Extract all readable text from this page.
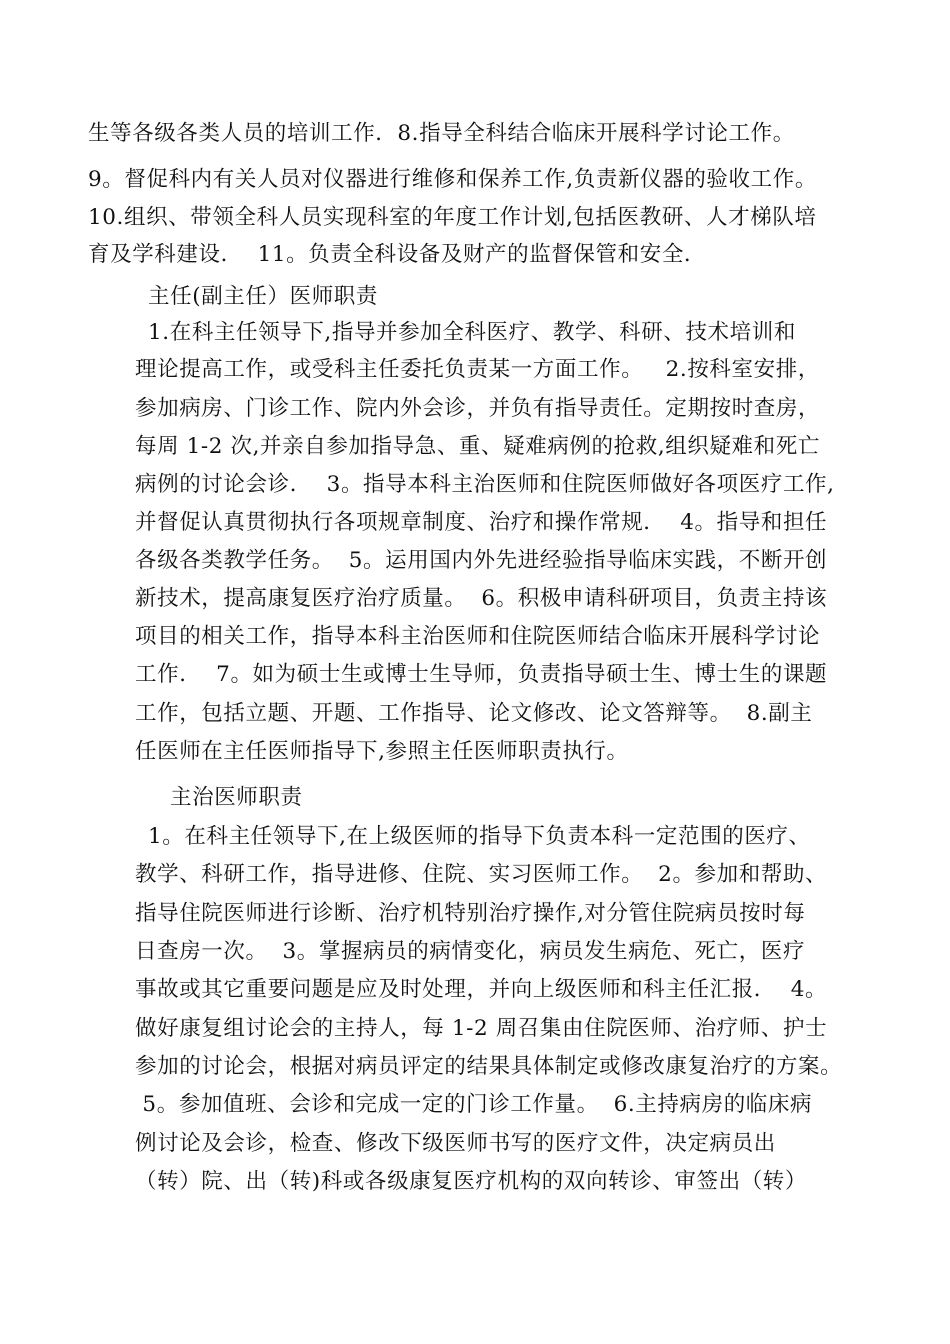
生等各级各类人员的培训工作．8.指导全科结合临床开展科学讨论工作。
9。督促科内有关人员对仪器进行维修和保养工作,负责新仪器的验收工作。
10.组织、带领全科人员实现科室的年度工作计划,包括医教研、人才梯队培
育及学科建设．  11。负责全科设备及财产的监督保管和安全．
主任(副主任）医师职责
1.在科主任领导下,指导并参加全科医疗、教学、科研、技术培训和
理论提高工作，或受科主任委托负责某一方面工作。   2.按科室安排，
参加病房、门诊工作、院内外会诊，并负有指导责任。定期按时查房，
每周 1-2 次,并亲自参加指导急、重、疑难病例的抢救,组织疑难和死亡
病例的讨论会诊．  3。指导本科主治医师和住院医师做好各项医疗工作,
并督促认真贯彻执行各项规章制度、治疗和操作常规．  4。指导和担任
各级各类教学任务。  5。运用国内外先进经验指导临床实践，不断开创
新技术，提高康复医疗治疗质量。  6。积极申请科研项目，负责主持该
项目的相关工作，指导本科主治医师和住院医师结合临床开展科学讨论
工作．  7。如为硕士生或博士生导师，负责指导硕士生、博士生的课题
工作，包括立题、开题、工作指导、论文修改、论文答辩等。  8.副主
任医师在主任医师指导下,参照主任医师职责执行。
主治医师职责
1。在科主任领导下,在上级医师的指导下负责本科一定范围的医疗、
教学、科研工作，指导进修、住院、实习医师工作。  2。参加和帮助、
指导住院医师进行诊断、治疗机特别治疗操作,对分管住院病员按时每
日查房一次。  3。掌握病员的病情变化，病员发生病危、死亡，医疗
事故或其它重要问题是应及时处理，并向上级医师和科主任汇报．  4。
做好康复组讨论会的主持人，每 1-2 周召集由住院医师、治疗师、护士
参加的讨论会，根据对病员评定的结果具体制定或修改康复治疗的方案。
5。参加值班、会诊和完成一定的门诊工作量。  6.主持病房的临床病
例讨论及会诊，检查、修改下级医师书写的医疗文件，决定病员出
（转）院、出（转)科或各级康复医疗机构的双向转诊、审签出（转）
